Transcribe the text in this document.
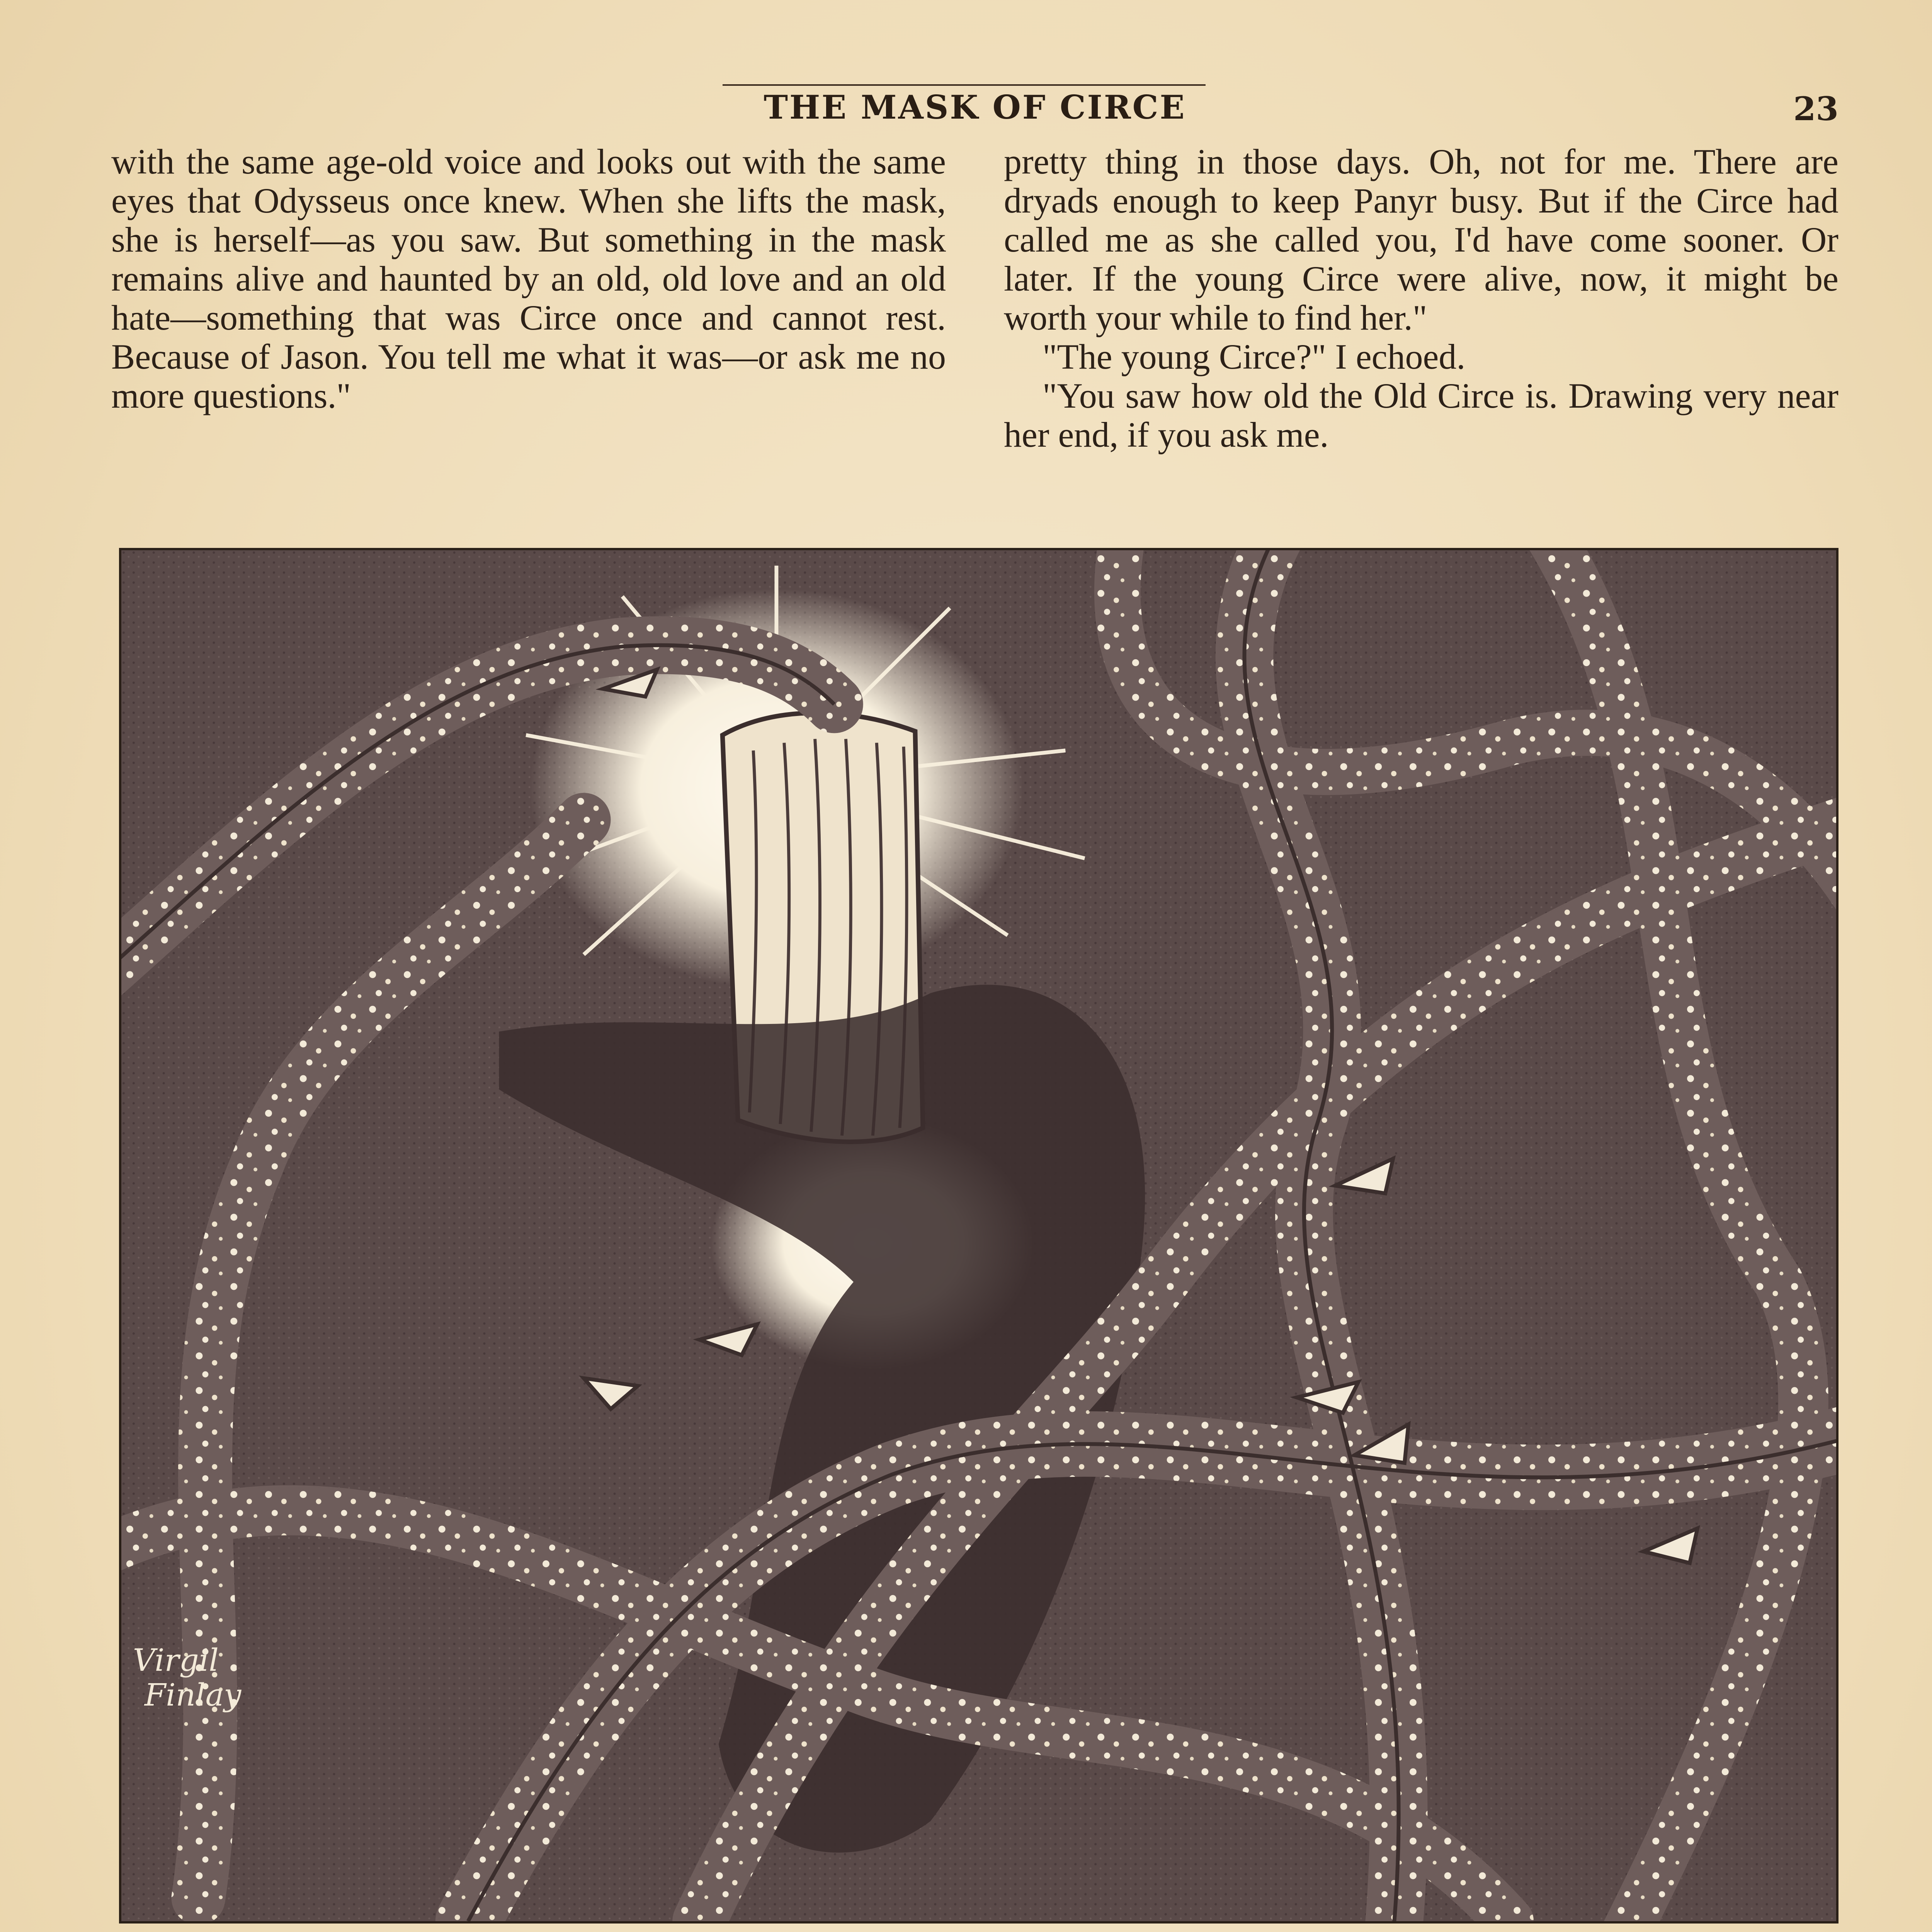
THE MASK OF CIRCE	23

with the same age-old voice and looks out with the same eyes that Odysseus once knew. When she lifts the mask, she is herself—as you saw. But something in the mask remains alive and haunted by an old, old love and an old hate—something that was Circe once and cannot rest. Because of Jason. You tell me what it was—or ask me no more questions."

pretty thing in those days. Oh, not for me. There are dryads enough to keep Panyr busy. But if the Circe had called me as she called you, I'd have come sooner. Or later. If the young Circe were alive, now, it might be worth your while to find her."

"The young Circe?" I echoed.

"You saw how old the Old Circe is. Drawing very near her end, if you ask me.

Virgil
Finlay
